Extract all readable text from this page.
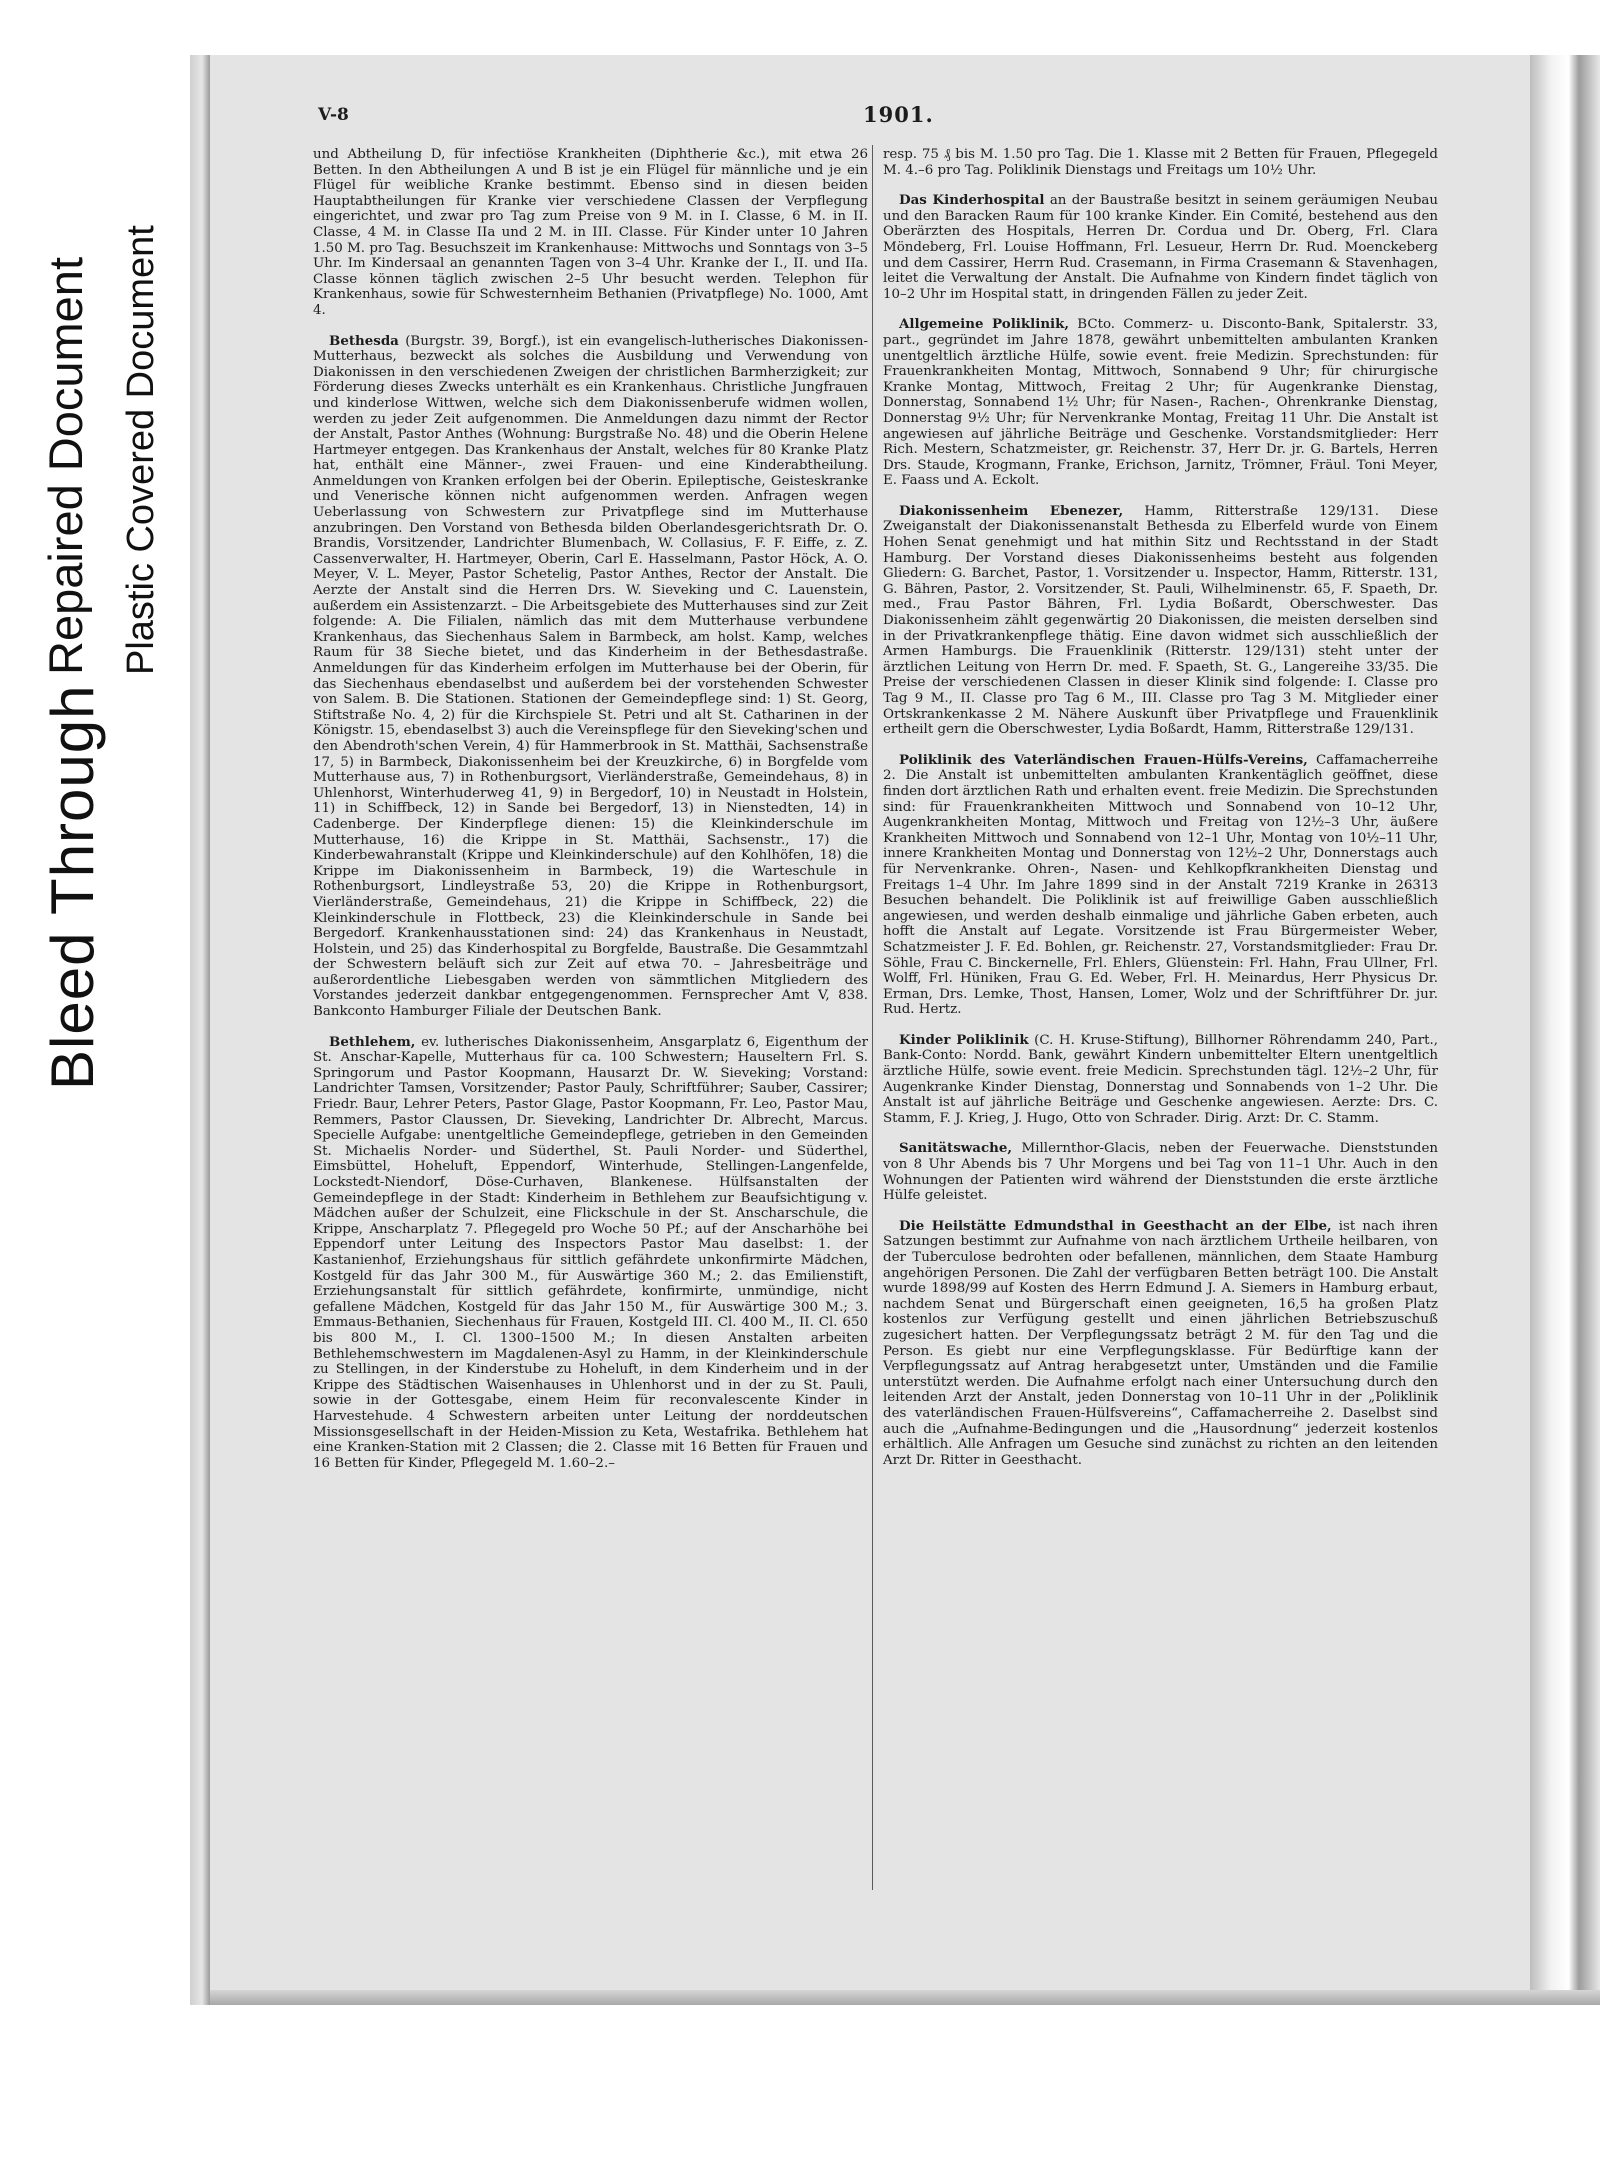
Bleed Through
Repaired Document Plastic Covered Document
V-8	1901.

und Abtheilung D, für infectiöse Krankheiten (Diphtherie &c.), mit etwa 26 Betten. In den Abtheilungen A und B ist je ein Flügel für männliche und je ein Flügel für weibliche Kranke bestimmt. Ebenso sind in diesen beiden Hauptabtheilungen für Kranke vier verschiedene Classen der Verpflegung eingerichtet, und zwar pro Tag zum Preise von 9 M. in I. Classe, 6 M. in II. Classe, 4 M. in Classe IIa und 2 M. in III. Classe. Für Kinder unter 10 Jahren 1.50 M. pro Tag. Besuchszeit im Krankenhause: Mittwochs und Sonntags von 3–5 Uhr. Im Kindersaal an genannten Tagen von 3–4 Uhr. Kranke der I., II. und IIa. Classe können täglich zwischen 2–5 Uhr besucht werden. Telephon für Krankenhaus, sowie für Schwesternheim Bethanien (Privatpflege) No. 1000, Amt 4.

Bethesda (Burgstr. 39, Borgf.), ist ein evangelisch-lutherisches Diakonissen-Mutterhaus, bezweckt als solches die Ausbildung und Verwendung von Diakonissen in den verschiedenen Zweigen der christlichen Barmherzigkeit; zur Förderung dieses Zwecks unterhält es ein Krankenhaus. Christliche Jungfrauen und kinderlose Wittwen, welche sich dem Diakonissenberufe widmen wollen, werden zu jeder Zeit aufgenommen. Die Anmeldungen dazu nimmt der Rector der Anstalt, Pastor Anthes (Wohnung: Burgstraße No. 48) und die Oberin Helene Hartmeyer entgegen. Das Krankenhaus der Anstalt, welches für 80 Kranke Platz hat, enthält eine Männer-, zwei Frauen- und eine Kinderabtheilung. Anmeldungen von Kranken erfolgen bei der Oberin. Epileptische, Geisteskranke und Venerische können nicht aufgenommen werden. Anfragen wegen Ueberlassung von Schwestern zur Privatpflege sind im Mutterhause anzubringen. Den Vorstand von Bethesda bilden Oberlandesgerichtsrath Dr. O. Brandis, Vorsitzender, Landrichter Blumenbach, W. Collasius, F. F. Eiffe, z. Z. Cassenverwalter, H. Hartmeyer, Oberin, Carl E. Hasselmann, Pastor Höck, A. O. Meyer, V. L. Meyer, Pastor Schetelig, Pastor Anthes, Rector der Anstalt. Die Aerzte der Anstalt sind die Herren Drs. W. Sieveking und C. Lauenstein, außerdem ein Assistenzarzt. – Die Arbeitsgebiete des Mutterhauses sind zur Zeit folgende: A. Die Filialen, nämlich das mit dem Mutterhause verbundene Krankenhaus, das Siechenhaus Salem in Barmbeck, am holst. Kamp, welches Raum für 38 Sieche bietet, und das Kinderheim in der Bethesdastraße. Anmeldungen für das Kinderheim erfolgen im Mutterhause bei der Oberin, für das Siechenhaus ebendaselbst und außerdem bei der vorstehenden Schwester von Salem. B. Die Stationen. Stationen der Gemeindepflege sind: 1) St. Georg, Stiftstraße No. 4, 2) für die Kirchspiele St. Petri und alt St. Catharinen in der Königstr. 15, ebendaselbst 3) auch die Vereinspflege für den Sieveking'schen und den Abendroth'schen Verein, 4) für Hammerbrook in St. Matthäi, Sachsenstraße 17, 5) in Barmbeck, Diakonissenheim bei der Kreuzkirche, 6) in Borgfelde vom Mutterhause aus, 7) in Rothenburgsort, Vierländerstraße, Gemeindehaus, 8) in Uhlenhorst, Winterhuderweg 41, 9) in Bergedorf, 10) in Neustadt in Holstein, 11) in Schiffbeck, 12) in Sande bei Bergedorf, 13) in Nienstedten, 14) in Cadenberge. Der Kinderpflege dienen: 15) die Kleinkinderschule im Mutterhause, 16) die Krippe in St. Matthäi, Sachsenstr., 17) die Kinderbewahranstalt (Krippe und Kleinkinderschule) auf den Kohlhöfen, 18) die Krippe im Diakonissenheim in Barmbeck, 19) die Warteschule in Rothenburgsort, Lindleystraße 53, 20) die Krippe in Rothenburgsort, Vierländerstraße, Gemeindehaus, 21) die Krippe in Schiffbeck, 22) die Kleinkinderschule in Flottbeck, 23) die Kleinkinderschule in Sande bei Bergedorf. Krankenhausstationen sind: 24) das Krankenhaus in Neustadt, Holstein, und 25) das Kinderhospital zu Borgfelde, Baustraße. Die Gesammtzahl der Schwestern beläuft sich zur Zeit auf etwa 70. – Jahresbeiträge und außerordentliche Liebesgaben werden von sämmtlichen Mitgliedern des Vorstandes jederzeit dankbar entgegengenommen. Fernsprecher Amt V, 838. Bankconto Hamburger Filiale der Deutschen Bank.

Bethlehem, ev. lutherisches Diakonissenheim, Ansgarplatz 6, Eigenthum der St. Anschar-Kapelle, Mutterhaus für ca. 100 Schwestern; Hauseltern Frl. S. Springorum und Pastor Koopmann, Hausarzt Dr. W. Sieveking; Vorstand: Landrichter Tamsen, Vorsitzender; Pastor Pauly, Schriftführer; Sauber, Cassirer; Friedr. Baur, Lehrer Peters, Pastor Glage, Pastor Koopmann, Fr. Leo, Pastor Mau, Remmers, Pastor Claussen, Dr. Sieveking, Landrichter Dr. Albrecht, Marcus. Specielle Aufgabe: unentgeltliche Gemeindepflege, getrieben in den Gemeinden St. Michaelis Norder- und Süderthel, St. Pauli Norder- und Süderthel, Eimsbüttel, Hoheluft, Eppendorf, Winterhude, Stellingen-Langenfelde, Lockstedt-Niendorf, Döse-Curhaven, Blankenese. Hülfsanstalten der Gemeindepflege in der Stadt: Kinderheim in Bethlehem zur Beaufsichtigung v. Mädchen außer der Schulzeit, eine Flickschule in der St. Anscharschule, die Krippe, Anscharplatz 7. Pflegegeld pro Woche 50 Pf.; auf der Anscharhöhe bei Eppendorf unter Leitung des Inspectors Pastor Mau daselbst: 1. der Kastanienhof, Erziehungshaus für sittlich gefährdete unkonfirmirte Mädchen, Kostgeld für das Jahr 300 M., für Auswärtige 360 M.; 2. das Emilienstift, Erziehungsanstalt für sittlich gefährdete, konfirmirte, unmündige, nicht gefallene Mädchen, Kostgeld für das Jahr 150 M., für Auswärtige 300 M.; 3. Emmaus-Bethanien, Siechenhaus für Frauen, Kostgeld III. Cl. 400 M., II. Cl. 650 bis 800 M., I. Cl. 1300–1500 M.; In diesen Anstalten arbeiten Bethlehemschwestern im Magdalenen-Asyl zu Hamm, in der Kleinkinderschule zu Stellingen, in der Kinderstube zu Hoheluft, in dem Kinderheim und in der Krippe des Städtischen Waisenhauses in Uhlenhorst und in der zu St. Pauli, sowie in der Gottesgabe, einem Heim für reconvalescente Kinder in Harvestehude. 4 Schwestern arbeiten unter Leitung der norddeutschen Missionsgesellschaft in der Heiden-Mission zu Keta, Westafrika. Bethlehem hat eine Kranken-Station mit 2 Classen; die 2. Classe mit 16 Betten für Frauen und 16 Betten für Kinder, Pflegegeld M. 1.60–2.–

resp. 75 ₰ bis M. 1.50 pro Tag. Die 1. Klasse mit 2 Betten für Frauen, Pflegegeld M. 4.–6 pro Tag. Poliklinik Dienstags und Freitags um 10½ Uhr.

Das Kinderhospital an der Baustraße besitzt in seinem geräumigen Neubau und den Baracken Raum für 100 kranke Kinder. Ein Comité, bestehend aus den Oberärzten des Hospitals, Herren Dr. Cordua und Dr. Oberg, Frl. Clara Möndeberg, Frl. Louise Hoffmann, Frl. Lesueur, Herrn Dr. Rud. Moenckeberg und dem Cassirer, Herrn Rud. Crasemann, in Firma Crasemann & Stavenhagen, leitet die Verwaltung der Anstalt. Die Aufnahme von Kindern findet täglich von 10–2 Uhr im Hospital statt, in dringenden Fällen zu jeder Zeit.

Allgemeine Poliklinik, BCto. Commerz- u. Disconto-Bank, Spitalerstr. 33, part., gegründet im Jahre 1878, gewährt unbemittelten ambulanten Kranken unentgeltlich ärztliche Hülfe, sowie event. freie Medizin. Sprechstunden: für Frauenkrankheiten Montag, Mittwoch, Sonnabend 9 Uhr; für chirurgische Kranke Montag, Mittwoch, Freitag 2 Uhr; für Augenkranke Dienstag, Donnerstag, Sonnabend 1½ Uhr; für Nasen-, Rachen-, Ohrenkranke Dienstag, Donnerstag 9½ Uhr; für Nervenkranke Montag, Freitag 11 Uhr. Die Anstalt ist angewiesen auf jährliche Beiträge und Geschenke. Vorstandsmitglieder: Herr Rich. Mestern, Schatzmeister, gr. Reichenstr. 37, Herr Dr. jr. G. Bartels, Herren Drs. Staude, Krogmann, Franke, Erichson, Jarnitz, Trömner, Fräul. Toni Meyer, E. Faass und A. Eckolt.

Diakonissenheim Ebenezer, Hamm, Ritterstraße 129/131. Diese Zweiganstalt der Diakonissenanstalt Bethesda zu Elberfeld wurde von Einem Hohen Senat genehmigt und hat mithin Sitz und Rechtsstand in der Stadt Hamburg. Der Vorstand dieses Diakonissenheims besteht aus folgenden Gliedern: G. Barchet, Pastor, 1. Vorsitzender u. Inspector, Hamm, Ritterstr. 131, G. Bähren, Pastor, 2. Vorsitzender, St. Pauli, Wilhelminenstr. 65, F. Spaeth, Dr. med., Frau Pastor Bähren, Frl. Lydia Boßardt, Oberschwester. Das Diakonissenheim zählt gegenwärtig 20 Diakonissen, die meisten derselben sind in der Privatkrankenpflege thätig. Eine davon widmet sich ausschließlich der Armen Hamburgs. Die Frauenklinik (Ritterstr. 129/131) steht unter der ärztlichen Leitung von Herrn Dr. med. F. Spaeth, St. G., Langereihe 33/35. Die Preise der verschiedenen Classen in dieser Klinik sind folgende: I. Classe pro Tag 9 M., II. Classe pro Tag 6 M., III. Classe pro Tag 3 M. Mitglieder einer Ortskrankenkasse 2 M. Nähere Auskunft über Privatpflege und Frauenklinik ertheilt gern die Oberschwester, Lydia Boßardt, Hamm, Ritterstraße 129/131.

Poliklinik des Vaterländischen Frauen-Hülfs-Vereins, Caffamacherreihe 2. Die Anstalt ist unbemittelten ambulanten Krankentäglich geöffnet, diese finden dort ärztlichen Rath und erhalten event. freie Medizin. Die Sprechstunden sind: für Frauenkrankheiten Mittwoch und Sonnabend von 10–12 Uhr, Augenkrankheiten Montag, Mittwoch und Freitag von 12½–3 Uhr, äußere Krankheiten Mittwoch und Sonnabend von 12–1 Uhr, Montag von 10½–11 Uhr, innere Krankheiten Montag und Donnerstag von 12½–2 Uhr, Donnerstags auch für Nervenkranke. Ohren-, Nasen- und Kehlkopfkrankheiten Dienstag und Freitags 1–4 Uhr. Im Jahre 1899 sind in der Anstalt 7219 Kranke in 26313 Besuchen behandelt. Die Poliklinik ist auf freiwillige Gaben ausschließlich angewiesen, und werden deshalb einmalige und jährliche Gaben erbeten, auch hofft die Anstalt auf Legate. Vorsitzende ist Frau Bürgermeister Weber, Schatzmeister J. F. Ed. Bohlen, gr. Reichenstr. 27, Vorstandsmitglieder: Frau Dr. Söhle, Frau C. Binckernelle, Frl. Ehlers, Glüenstein: Frl. Hahn, Frau Ullner, Frl. Wolff, Frl. Hüniken, Frau G. Ed. Weber, Frl. H. Meinardus, Herr Physicus Dr. Erman, Drs. Lemke, Thost, Hansen, Lomer, Wolz und der Schriftführer Dr. jur. Rud. Hertz.

Kinder Poliklinik (C. H. Kruse-Stiftung), Billhorner Röhrendamm 240, Part., Bank-Conto: Nordd. Bank, gewährt Kindern unbemittelter Eltern unentgeltlich ärztliche Hülfe, sowie event. freie Medicin. Sprechstunden tägl. 12½–2 Uhr, für Augenkranke Kinder Dienstag, Donnerstag und Sonnabends von 1–2 Uhr. Die Anstalt ist auf jährliche Beiträge und Geschenke angewiesen. Aerzte: Drs. C. Stamm, F. J. Krieg, J. Hugo, Otto von Schrader. Dirig. Arzt: Dr. C. Stamm.

Sanitätswache, Millernthor-Glacis, neben der Feuerwache. Dienststunden von 8 Uhr Abends bis 7 Uhr Morgens und bei Tag von 11–1 Uhr. Auch in den Wohnungen der Patienten wird während der Dienststunden die erste ärztliche Hülfe geleistet.

Die Heilstätte Edmundsthal in Geesthacht an der Elbe, ist nach ihren Satzungen bestimmt zur Aufnahme von nach ärztlichem Urtheile heilbaren, von der Tuberculose bedrohten oder befallenen, männlichen, dem Staate Hamburg angehörigen Personen. Die Zahl der verfügbaren Betten beträgt 100. Die Anstalt wurde 1898/99 auf Kosten des Herrn Edmund J. A. Siemers in Hamburg erbaut, nachdem Senat und Bürgerschaft einen geeigneten, 16,5 ha großen Platz kostenlos zur Verfügung gestellt und einen jährlichen Betriebszuschuß zugesichert hatten. Der Verpflegungssatz beträgt 2 M. für den Tag und die Person. Es giebt nur eine Verpflegungsklasse. Für Bedürftige kann der Verpflegungssatz auf Antrag herabgesetzt unter, Umständen und die Familie unterstützt werden. Die Aufnahme erfolgt nach einer Untersuchung durch den leitenden Arzt der Anstalt, jeden Donnerstag von 10–11 Uhr in der „Poliklinik des vaterländischen Frauen-Hülfsvereins“, Caffamacherreihe 2. Daselbst sind auch die „Aufnahme-Bedingungen und die „Hausordnung“ jederzeit kostenlos erhältlich. Alle Anfragen um Gesuche sind zunächst zu richten an den leitenden Arzt Dr. Ritter in Geesthacht.
